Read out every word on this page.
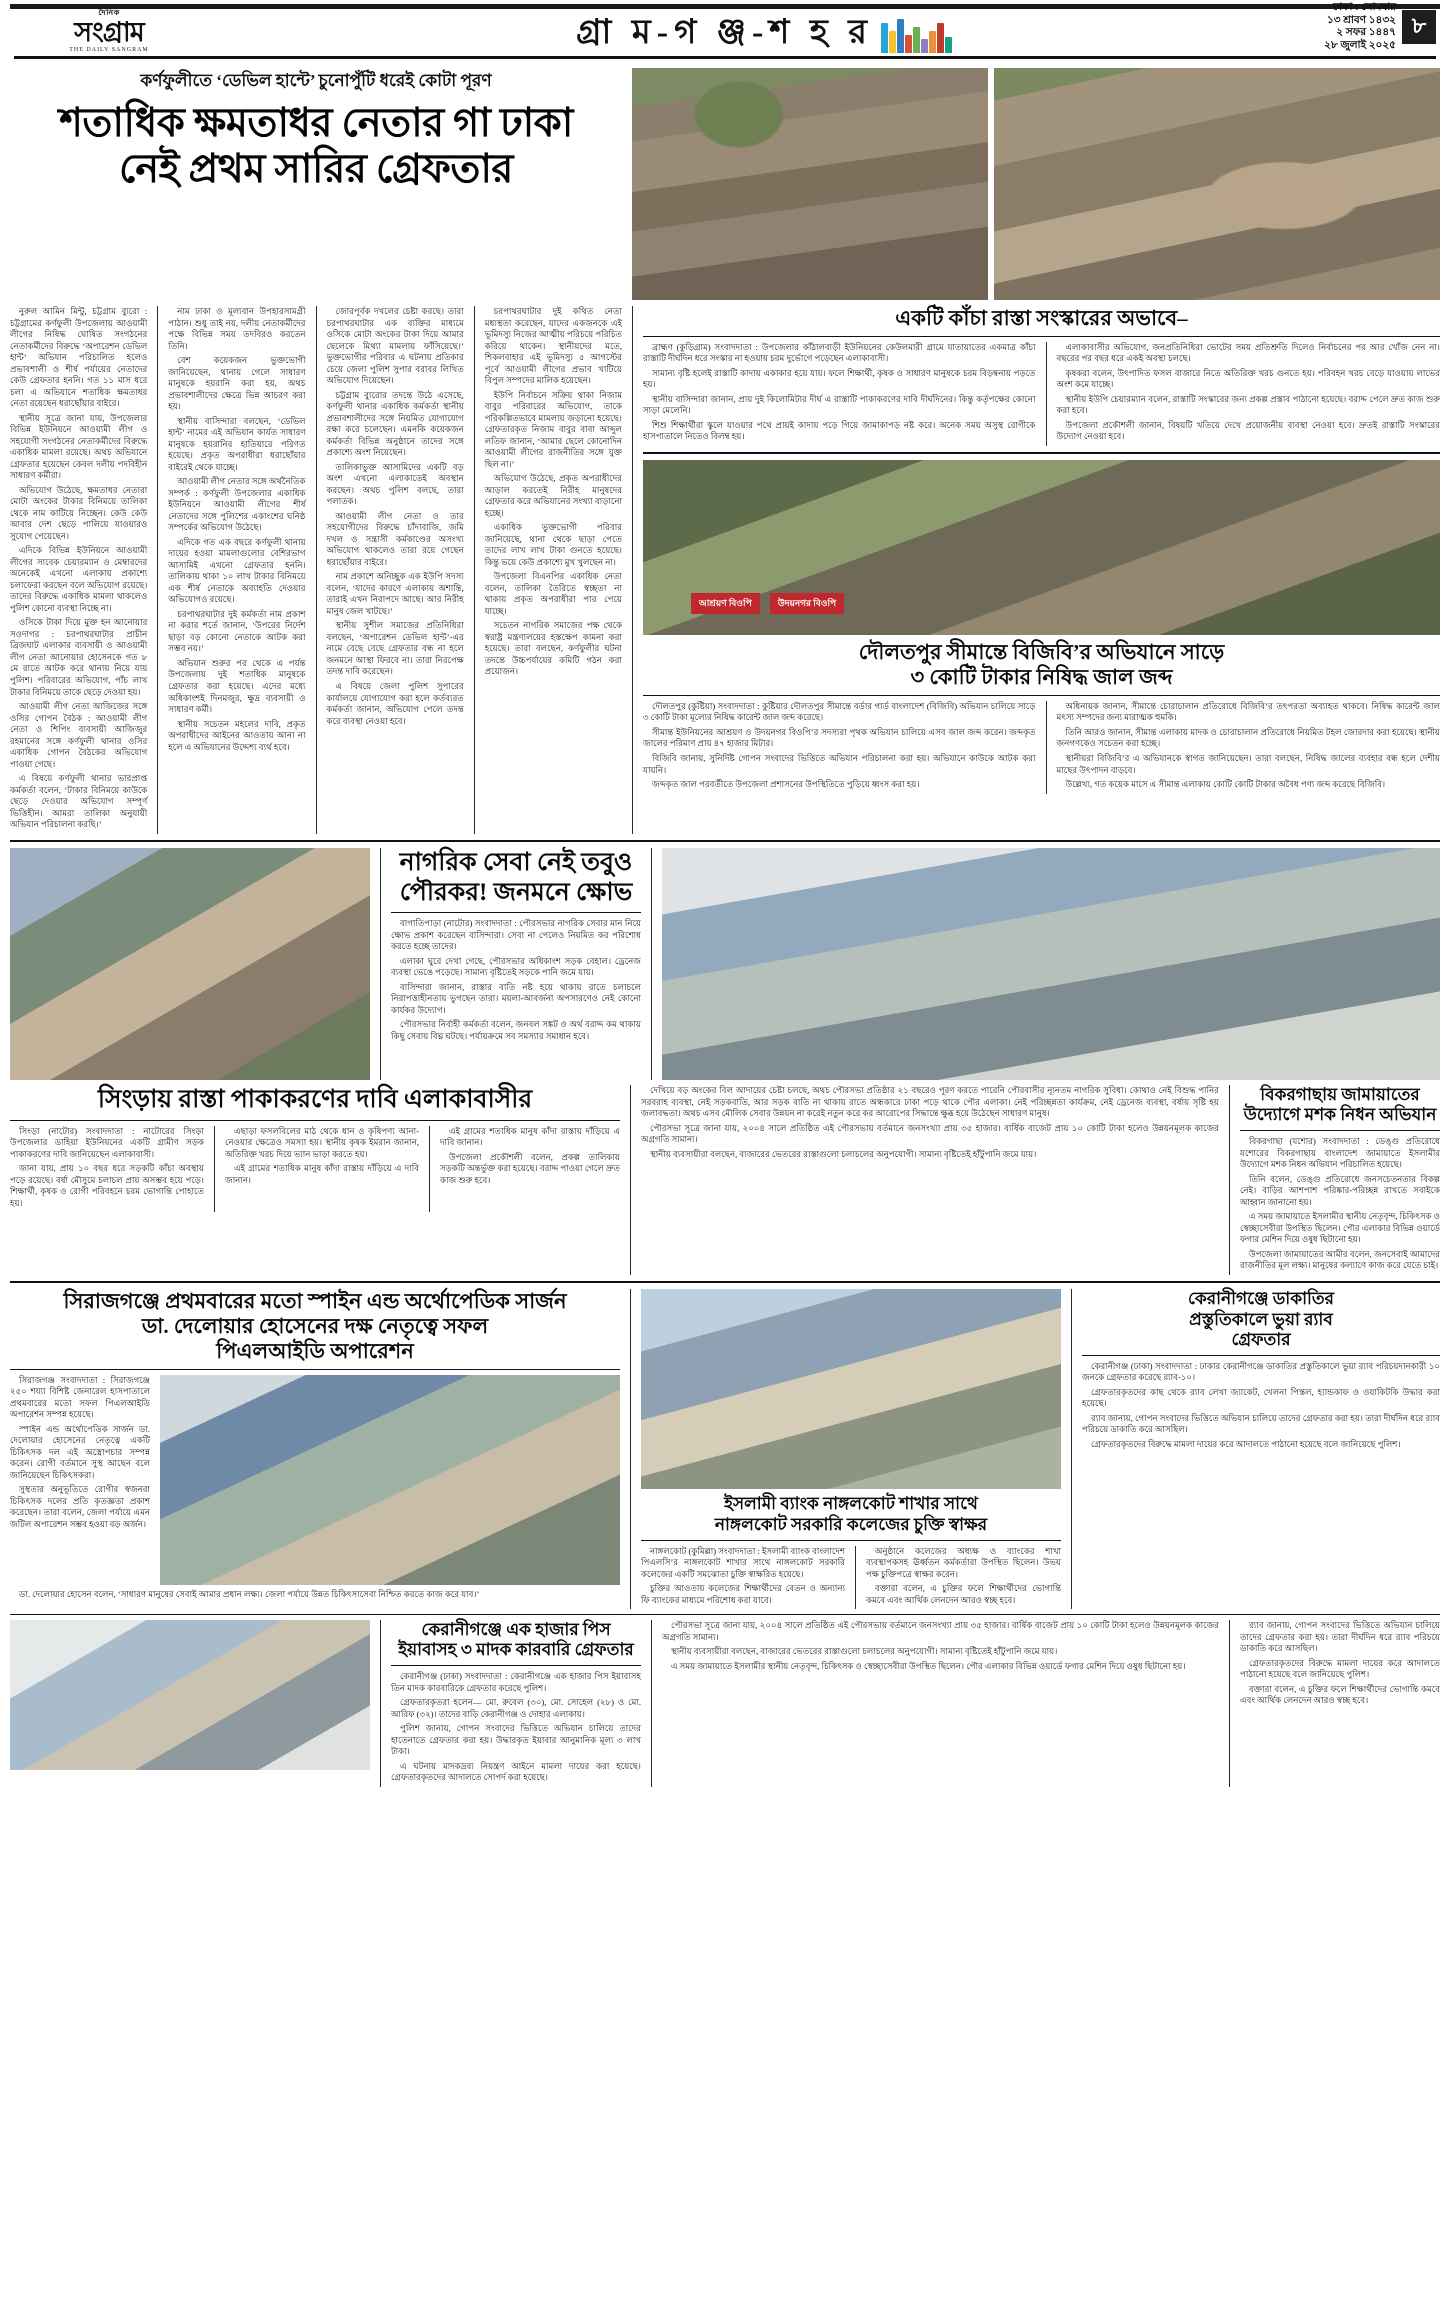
দৈনিক
সংগ্রাম
THE DAILY SANGRAM	গ্রা ম-গ ঞ্জ-শ হ র
ঢাকা : সোমবার
১৩ শ্রাবণ ১৪৩২
২ সফর ১৪৪৭
২৮ জুলাই ২০২৫
৮
কর্ণফুলীতে ‘ডেভিল হান্টে’ চুনোপুঁটি ধরেই কোটা পূরণ
শতাধিক ক্ষমতাধর নেতার গা ঢাকা
নেই প্রথম সারির গ্রেফতার

নুরুল আমিন মিন্টু, চট্টগ্রাম ব্যুরো : চট্টগ্রামের কর্ণফুলী উপজেলায় আওয়ামী লীগের নিষিদ্ধ ঘোষিত সংগঠনের নেতাকর্মীদের বিরুদ্ধে ‘অপারেশন ডেভিল হান্ট’ অভিযান পরিচালিত হলেও প্রভাবশালী ও শীর্ষ পর্যায়ের নেতাদের কেউ গ্রেফতার হননি। গত ১১ মাস ধরে চলা এ অভিযানে শতাধিক ক্ষমতাধর নেতা রয়েছেন ধরাছোঁয়ার বাইরে।

স্থানীয় সূত্রে জানা যায়, উপজেলার বিভিন্ন ইউনিয়নে আওয়ামী লীগ ও সহযোগী সংগঠনের নেতাকর্মীদের বিরুদ্ধে একাধিক মামলা রয়েছে। অথচ অভিযানে গ্রেফতার হয়েছেন কেবল দলীয় পদবিহীন সাধারণ কর্মীরা।

অভিযোগ উঠেছে, ক্ষমতাধর নেতারা মোটা অংকের টাকার বিনিময়ে তালিকা থেকে নাম কাটিয়ে নিচ্ছেন। কেউ কেউ আবার দেশ ছেড়ে পালিয়ে যাওয়ারও সুযোগ পেয়েছেন।

এদিকে বিভিন্ন ইউনিয়নে আওয়ামী লীগের সাবেক চেয়ারম্যান ও মেম্বারদের অনেকেই এখনো এলাকায় প্রকাশ্যে চলাফেরা করছেন বলে অভিযোগ রয়েছে। তাদের বিরুদ্ধে একাধিক মামলা থাকলেও পুলিশ কোনো ব্যবস্থা নিচ্ছে না।

ওসিকে টাকা দিয়ে মুক্ত হন আনোয়ার সওদাগর : চরপাথরঘাটার প্রাচীন ব্রিজঘাট এলাকার ব্যবসায়ী ও আওয়ামী লীগ নেতা আনোয়ার হোসেনকে গত ৮ মে রাতে আটক করে থানায় নিয়ে যায় পুলিশ। পরিবারের অভিযোগ, পাঁচ লাখ টাকার বিনিময়ে তাকে ছেড়ে দেওয়া হয়।

আওয়ামী লীগ নেতা আজিজের সঙ্গে ওসির গোপন বৈঠক : আওয়ামী লীগ নেতা ও শিপিং ব্যবসায়ী আজিজুর রহমানের সঙ্গে কর্ণফুলী থানার ওসির একাধিক গোপন বৈঠকের অভিযোগ পাওয়া গেছে।

এ বিষয়ে কর্ণফুলী থানার ভারপ্রাপ্ত কর্মকর্তা বলেন, ‘টাকার বিনিময়ে কাউকে ছেড়ে দেওয়ার অভিযোগ সম্পূর্ণ ভিত্তিহীন। আমরা তালিকা অনুযায়ী অভিযান পরিচালনা করছি।’

নাম ঢাকা ও মূল্যবান উপহারসামগ্রী পাঠান। শুধু তাই নয়, দলীয় নেতাকর্মীদের পক্ষে বিভিন্ন সময় তদবিরও করতেন তিনি।

বেশ কয়েকজন ভুক্তভোগী জানিয়েছেন, থানায় গেলে সাধারণ মানুষকে হয়রানি করা হয়, অথচ প্রভাবশালীদের ক্ষেত্রে ভিন্ন আচরণ করা হয়।

স্থানীয় বাসিন্দারা বলছেন, ‘ডেভিল হান্ট’ নামের এই অভিযান কার্যত সাধারণ মানুষকে হয়রানির হাতিয়ারে পরিণত হয়েছে। প্রকৃত অপরাধীরা ধরাছোঁয়ার বাইরেই থেকে যাচ্ছে।

আওয়ামী লীগ নেতার সঙ্গে অর্থনৈতিক সম্পর্ক : কর্ণফুলী উপজেলার একাধিক ইউনিয়নে আওয়ামী লীগের শীর্ষ নেতাদের সঙ্গে পুলিশের একাংশের ঘনিষ্ঠ সম্পর্কের অভিযোগ উঠেছে।

এদিকে গত এক বছরে কর্ণফুলী থানায় দায়ের হওয়া মামলাগুলোর বেশিরভাগ আসামিই এখনো গ্রেফতার হননি। তালিকায় থাকা ১০ লাখ টাকার বিনিময়ে এক শীর্ষ নেতাকে অব্যাহতি দেওয়ার অভিযোগও রয়েছে।

চরপাথরঘাটার দুই কর্মকর্তা নাম প্রকাশ না করার শর্তে জানান, ‘উপরের নির্দেশ ছাড়া বড় কোনো নেতাকে আটক করা সম্ভব নয়।’

অভিযান শুরুর পর থেকে এ পর্যন্ত উপজেলায় দুই শতাধিক মানুষকে গ্রেফতার করা হয়েছে। এদের মধ্যে অধিকাংশই দিনমজুর, ক্ষুদ্র ব্যবসায়ী ও সাধারণ কর্মী।

স্থানীয় সচেতন মহলের দাবি, প্রকৃত অপরাধীদের আইনের আওতায় আনা না হলে এ অভিযানের উদ্দেশ্য ব্যর্থ হবে।

জোরপূর্বক দখলের চেষ্টা করছে। তারা চরপাথরঘাটার এক ব্যক্তির মাধ্যমে ওসিকে মোটা অংকের টাকা দিয়ে আমার ছেলেকে মিথ্যা মামলায় ফাঁসিয়েছে।’ ভুক্তভোগীর পরিবার এ ঘটনায় প্রতিকার চেয়ে জেলা পুলিশ সুপার বরাবর লিখিত অভিযোগ দিয়েছেন।

চট্টগ্রাম ব্যুরোর তদন্তে উঠে এসেছে, কর্ণফুলী থানার একাধিক কর্মকর্তা স্থানীয় প্রভাবশালীদের সঙ্গে নিয়মিত যোগাযোগ রক্ষা করে চলেছেন। এমনকি কয়েকজন কর্মকর্তা বিভিন্ন অনুষ্ঠানে তাদের সঙ্গে প্রকাশ্যে অংশ নিয়েছেন।

তালিকাভুক্ত আসামিদের একটি বড় অংশ এখনো এলাকাতেই অবস্থান করছেন। অথচ পুলিশ বলছে, তারা পলাতক।

আওয়ামী লীগ নেতা ও তার সহযোগীদের বিরুদ্ধে চাঁদাবাজি, জমি দখল ও সন্ত্রাসী কর্মকাণ্ডের অসংখ্য অভিযোগ থাকলেও তারা রয়ে গেছেন ধরাছোঁয়ার বাইরে।

নাম প্রকাশে অনিচ্ছুক এক ইউপি সদস্য বলেন, ‘যাদের কারণে এলাকায় অশান্তি, তারাই এখন নিরাপদে আছে। আর নিরীহ মানুষ জেল খাটছে।’

স্থানীয় সুশীল সমাজের প্রতিনিধিরা বলছেন, ‘অপারেশন ডেভিল হান্ট’-এর নামে বেছে বেছে গ্রেফতার বন্ধ না হলে জনমনে আস্থা ফিরবে না। তারা নিরপেক্ষ তদন্ত দাবি করেছেন।

এ বিষয়ে জেলা পুলিশ সুপারের কার্যালয়ে যোগাযোগ করা হলে কর্তব্যরত কর্মকর্তা জানান, অভিযোগ পেলে তদন্ত করে ব্যবস্থা নেওয়া হবে।

চরপাথরঘাটার দুই কথিত নেতা মধ্যস্থতা করেছেন, যাদের একজনকে এই ভূমিদস্যু নিজের আত্মীয় পরিচয়ে পরিচিত করিয়ে থাকেন। স্থানীয়দের মতে, শিকলবাহার এই ভূমিদস্যু ৫ আগস্টের পূর্বে আওয়ামী লীগের প্রভাব খাটিয়ে বিপুল সম্পদের মালিক হয়েছেন।

ইউপি নির্বাচনে সক্রিয় থাকা নিজাম বাবুর পরিবারের অভিযোগ, তাকে পরিকল্পিতভাবে মামলায় জড়ানো হয়েছে। গ্রেফতারকৃত নিজাম বাবুর বাবা আব্দুল লতিফ জানান, ‘আমার ছেলে কোনোদিন আওয়ামী লীগের রাজনীতির সঙ্গে যুক্ত ছিল না।’

অভিযোগ উঠেছে, প্রকৃত অপরাধীদের আড়াল করতেই নিরীহ মানুষদের গ্রেফতার করে অভিযানের সংখ্যা বাড়ানো হচ্ছে।

একাধিক ভুক্তভোগী পরিবার জানিয়েছে, থানা থেকে ছাড়া পেতে তাদের লাখ লাখ টাকা গুনতে হয়েছে। কিন্তু ভয়ে কেউ প্রকাশ্যে মুখ খুলছেন না।

উপজেলা বিএনপির একাধিক নেতা বলেন, তালিকা তৈরিতে স্বচ্ছতা না থাকায় প্রকৃত অপরাধীরা পার পেয়ে যাচ্ছে।

সচেতন নাগরিক সমাজের পক্ষ থেকে স্বরাষ্ট্র মন্ত্রণালয়ের হস্তক্ষেপ কামনা করা হয়েছে। তারা বলছেন, কর্ণফুলীর ঘটনা তদন্তে উচ্চপর্যায়ের কমিটি গঠন করা প্রয়োজন।

একটি কাঁচা রাস্তা সংস্কারের অভাবে–

ব্রাহ্মণ (কুড়িগ্রাম) সংবাদদাতা : উপজেলার কাঁঠালবাড়ী ইউনিয়নের কেউলমারী গ্রামে যাতায়াতের একমাত্র কাঁচা রাস্তাটি দীর্ঘদিন ধরে সংস্কার না হওয়ায় চরম দুর্ভোগে পড়েছেন এলাকাবাসী।

সামান্য বৃষ্টি হলেই রাস্তাটি কাদায় একাকার হয়ে যায়। ফলে শিক্ষার্থী, কৃষক ও সাধারণ মানুষকে চরম বিড়ম্বনায় পড়তে হয়।

স্থানীয় বাসিন্দারা জানান, প্রায় দুই কিলোমিটার দীর্ঘ এ রাস্তাটি পাকাকরণের দাবি দীর্ঘদিনের। কিন্তু কর্তৃপক্ষের কোনো সাড়া মেলেনি।

শিশু শিক্ষার্থীরা স্কুলে যাওয়ার পথে প্রায়ই কাদায় পড়ে গিয়ে জামাকাপড় নষ্ট করে। অনেক সময় অসুস্থ রোগীকে হাসপাতালে নিতেও বিলম্ব হয়।

এলাকাবাসীর অভিযোগ, জনপ্রতিনিধিরা ভোটের সময় প্রতিশ্রুতি দিলেও নির্বাচনের পর আর খোঁজ নেন না। বছরের পর বছর ধরে একই অবস্থা চলছে।

কৃষকরা বলেন, উৎপাদিত ফসল বাজারে নিতে অতিরিক্ত খরচ গুনতে হয়। পরিবহন খরচ বেড়ে যাওয়ায় লাভের অংশ কমে যাচ্ছে।

স্থানীয় ইউপি চেয়ারম্যান বলেন, রাস্তাটি সংস্কারের জন্য প্রকল্প প্রস্তাব পাঠানো হয়েছে। বরাদ্দ পেলে দ্রুত কাজ শুরু করা হবে।

উপজেলা প্রকৌশলী জানান, বিষয়টি খতিয়ে দেখে প্রয়োজনীয় ব্যবস্থা নেওয়া হবে। দ্রুতই রাস্তাটি সংস্কারের উদ্যোগ নেওয়া হবে।

আশ্রয়ণ বিওপি	উদয়নগর বিওপি
দৌলতপুর সীমান্তে বিজিবি’র অভিযানে সাড়ে
৩ কোটি টাকার নিষিদ্ধ জাল জব্দ

দৌলতপুর (কুষ্টিয়া) সংবাদদাতা : কুষ্টিয়ার দৌলতপুর সীমান্তে বর্ডার গার্ড বাংলাদেশ (বিজিবি) অভিযান চালিয়ে সাড়ে ৩ কোটি টাকা মূল্যের নিষিদ্ধ কারেন্ট জাল জব্দ করেছে।

সীমান্ত ইউনিয়নের আশ্রয়ণ ও উদয়নগর বিওপি’র সদস্যরা পৃথক অভিযান চালিয়ে এসব জাল জব্দ করেন। জব্দকৃত জালের পরিমাণ প্রায় ৪৭ হাজার মিটার।

বিজিবি জানায়, সুনির্দিষ্ট গোপন সংবাদের ভিত্তিতে অভিযান পরিচালনা করা হয়। অভিযানে কাউকে আটক করা যায়নি।

জব্দকৃত জাল পরবর্তীতে উপজেলা প্রশাসনের উপস্থিতিতে পুড়িয়ে ধ্বংস করা হয়।

অধিনায়ক জানান, সীমান্তে চোরাচালান প্রতিরোধে বিজিবি’র তৎপরতা অব্যাহত থাকবে। নিষিদ্ধ কারেন্ট জাল মৎস্য সম্পদের জন্য মারাত্মক হুমকি।

তিনি আরও জানান, সীমান্ত এলাকায় মাদক ও চোরাচালান প্রতিরোধে নিয়মিত টহল জোরদার করা হয়েছে। স্থানীয় জনগণকেও সচেতন করা হচ্ছে।

স্থানীয়রা বিজিবি’র এ অভিযানকে স্বাগত জানিয়েছেন। তারা বলছেন, নিষিদ্ধ জালের ব্যবহার বন্ধ হলে দেশীয় মাছের উৎপাদন বাড়বে।

উল্লেখ্য, গত কয়েক মাসে এ সীমান্ত এলাকায় কোটি কোটি টাকার অবৈধ পণ্য জব্দ করেছে বিজিবি।

নাগরিক সেবা নেই তবুও
পৌরকর! জনমনে ক্ষোভ

বাগাতিপাড়া (নাটোর) সংবাদদাতা : পৌরসভার নাগরিক সেবার মান নিয়ে ক্ষোভ প্রকাশ করেছেন বাসিন্দারা। সেবা না পেলেও নিয়মিত কর পরিশোধ করতে হচ্ছে তাদের।

এলাকা ঘুরে দেখা গেছে, পৌরসভার অধিকাংশ সড়ক বেহাল। ড্রেনেজ ব্যবস্থা ভেঙে পড়েছে। সামান্য বৃষ্টিতেই সড়কে পানি জমে যায়।

বাসিন্দারা জানান, রাস্তার বাতি নষ্ট হয়ে থাকায় রাতে চলাচলে নিরাপত্তাহীনতায় ভুগছেন তারা। ময়লা-আবর্জনা অপসারণেও নেই কোনো কার্যকর উদ্যোগ।

পৌরসভার নির্বাহী কর্মকর্তা বলেন, জনবল সঙ্কট ও অর্থ বরাদ্দ কম থাকায় কিছু সেবায় বিঘ্ন ঘটছে। পর্যায়ক্রমে সব সমস্যার সমাধান হবে।

সিংড়ায় রাস্তা পাকাকরণের দাবি এলাকাবাসীর

সিংড়া (নাটোর) সংবাদদাতা : নাটোরের সিংড়া উপজেলার ডাহিয়া ইউনিয়নের একটি গ্রামীণ সড়ক পাকাকরণের দাবি জানিয়েছেন এলাকাবাসী।

জানা যায়, প্রায় ১০ বছর ধরে সড়কটি কাঁচা অবস্থায় পড়ে রয়েছে। বর্ষা মৌসুমে চলাচল প্রায় অসম্ভব হয়ে পড়ে। শিক্ষার্থী, কৃষক ও রোগী পরিবহনে চরম ভোগান্তি পোহাতে হয়।

এছাড়া ফসলবিলের মাঠ থেকে ধান ও কৃষিপণ্য আনা-নেওয়ার ক্ষেত্রেও সমস্যা হয়। স্থানীয় কৃষক ইমরান জানান, অতিরিক্ত খরচ দিয়ে ভ্যান ভাড়া করতে হয়।

এই গ্রামের শতাধিক মানুষ কাঁদা রাস্তায় দাঁড়িয়ে এ দাবি জানান।

এই গ্রামের শতাধিক মানুষ কাঁদা রাস্তায় দাঁড়িয়ে এ দাবি জানান।

উপজেলা প্রকৌশলী বলেন, প্রকল্প তালিকায় সড়কটি অন্তর্ভুক্ত করা হয়েছে। বরাদ্দ পাওয়া গেলে দ্রুত কাজ শুরু হবে।

দেখিয়ে বড় অংকের বিল আদায়ের চেষ্টা চলছে, অথচ পৌরসভা প্রতিষ্ঠার ২১ বছরেও পূরণ করতে পারেনি পৌরবাসীর ন্যূনতম নাগরিক সুবিধা। কোথাও নেই বিশুদ্ধ পানির সরবরাহ ব্যবস্থা, নেই সড়কবাতি, আর সড়ক বাতি না থাকায় রাতে অন্ধকারে ঢাকা পড়ে থাকে পৌর এলাকা। নেই পরিচ্ছন্নতা কার্যক্রম, নেই ড্রেনেজ ব্যবস্থা, বর্ষায় সৃষ্টি হয় জলাবদ্ধতা। অথচ এসব মৌলিক সেবার উন্নয়ন না করেই নতুন করে কর আরোপের সিদ্ধান্তে ক্ষুব্ধ হয়ে উঠেছেন সাধারণ মানুষ।

পৌরসভা সূত্রে জানা যায়, ২০০৪ সালে প্রতিষ্ঠিত এই পৌরসভায় বর্তমানে জনসংখ্যা প্রায় ৩৫ হাজার। বার্ষিক বাজেট প্রায় ১০ কোটি টাকা হলেও উন্নয়নমূলক কাজের অগ্রগতি সামান্য।

স্থানীয় ব্যবসায়ীরা বলছেন, বাজারের ভেতরের রাস্তাগুলো চলাচলের অনুপযোগী। সামান্য বৃষ্টিতেই হাঁটুপানি জমে যায়।

বিকরগাছায় জামায়াতের উদ্যোগে মশক নিধন অভিযান

বিকরগাছা (যশোর) সংবাদদাতা : ডেঙ্গু প্রতিরোধে যশোরের বিকরগাছায় বাংলাদেশ জামায়াতে ইসলামীর উদ্যোগে মশক নিধন অভিযান পরিচালিত হয়েছে।

তিনি বলেন, ডেঙ্গু প্রতিরোধে জনসচেতনতার বিকল্প নেই। বাড়ির আশপাশ পরিষ্কার-পরিচ্ছন্ন রাখতে সবাইকে আহ্বান জানানো হয়।

এ সময় জামায়াতে ইসলামীর স্থানীয় নেতৃবৃন্দ, চিকিৎসক ও স্বেচ্ছাসেবীরা উপস্থিত ছিলেন। পৌর এলাকার বিভিন্ন ওয়ার্ডে ফগার মেশিন দিয়ে ওষুধ ছিটানো হয়।

উপজেলা জামায়াতের আমীর বলেন, জনসেবাই আমাদের রাজনীতির মূল লক্ষ্য। মানুষের কল্যাণে কাজ করে যেতে চাই।

সিরাজগঞ্জে প্রথমবারের মতো স্পাইন এন্ড অর্থোপেডিক সার্জন
ডা. দেলোয়ার হোসেনের দক্ষ নেতৃত্বে সফল
পিএলআইডি অপারেশন

সিরাজগঞ্জ সংবাদদাতা : সিরাজগঞ্জে ২৫০ শয্যা বিশিষ্ট জেনারেল হাসপাতালে প্রথমবারের মতো সফল পিএলআইডি অপারেশন সম্পন্ন হয়েছে।

স্পাইন এন্ড অর্থোপেডিক সার্জন ডা. দেলোয়ার হোসেনের নেতৃত্বে একটি চিকিৎসক দল এই অস্ত্রোপচার সম্পন্ন করেন। রোগী বর্তমানে সুস্থ আছেন বলে জানিয়েছেন চিকিৎসকরা।

সুস্থতার অনুভূতিতে রোগীর স্বজনরা চিকিৎসক দলের প্রতি কৃতজ্ঞতা প্রকাশ করেছেন। তারা বলেন, জেলা পর্যায়ে এমন জটিল অপারেশন সম্ভব হওয়া বড় অর্জন।

ডা. দেলোয়ার হোসেন বলেন, ‘সাধারণ মানুষের সেবাই আমার প্রধান লক্ষ্য। জেলা পর্যায়ে উন্নত চিকিৎসাসেবা নিশ্চিত করতে কাজ করে যাব।’

ইসলামী ব্যাংক নাঙ্গলকোট শাখার সাথে
নাঙ্গলকোট সরকারি কলেজের চুক্তি স্বাক্ষর

নাঙ্গলকোট (কুমিল্লা) সংবাদদাতা : ইসলামী ব্যাংক বাংলাদেশ পিএলসি’র নাঙ্গলকোট শাখার সাথে নাঙ্গলকোট সরকারি কলেজের একটি সমঝোতা চুক্তি স্বাক্ষরিত হয়েছে।

চুক্তির আওতায় কলেজের শিক্ষার্থীদের বেতন ও অন্যান্য ফি ব্যাংকের মাধ্যমে পরিশোধ করা যাবে।

অনুষ্ঠানে কলেজের অধ্যক্ষ ও ব্যাংকের শাখা ব্যবস্থাপকসহ ঊর্ধ্বতন কর্মকর্তারা উপস্থিত ছিলেন। উভয় পক্ষ চুক্তিপত্রে স্বাক্ষর করেন।

বক্তারা বলেন, এ চুক্তির ফলে শিক্ষার্থীদের ভোগান্তি কমবে এবং আর্থিক লেনদেন আরও স্বচ্ছ হবে।

কেরানীগঞ্জে ডাকাতির
প্রস্তুতিকালে ভুয়া র‌্যাব
গ্রেফতার

কেরানীগঞ্জ (ঢাকা) সংবাদদাতা : ঢাকার কেরানীগঞ্জে ডাকাতির প্রস্তুতিকালে ভুয়া র‌্যাব পরিচয়দানকারী ১০ জনকে গ্রেফতার করেছে র‌্যাব-১০।

গ্রেফতারকৃতদের কাছ থেকে র‌্যাব লেখা জ্যাকেট, খেলনা পিস্তল, হ্যান্ডকাফ ও ওয়াকিটকি উদ্ধার করা হয়েছে।

র‌্যাব জানায়, গোপন সংবাদের ভিত্তিতে অভিযান চালিয়ে তাদের গ্রেফতার করা হয়। তারা দীর্ঘদিন ধরে র‌্যাব পরিচয়ে ডাকাতি করে আসছিল।

গ্রেফতারকৃতদের বিরুদ্ধে মামলা দায়ের করে আদালতে পাঠানো হয়েছে বলে জানিয়েছে পুলিশ।

কেরানীগঞ্জে এক হাজার পিস ইয়াবাসহ ৩ মাদক কারবারি গ্রেফতার

কেরানীগঞ্জ (ঢাকা) সংবাদদাতা : কেরানীগঞ্জে এক হাজার পিস ইয়াবাসহ তিন মাদক কারবারিকে গ্রেফতার করেছে পুলিশ।

গ্রেফতারকৃতরা হলেন— মো. রুবেল (৩০), মো. সোহেল (২৮) ও মো. আরিফ (৩২)। তাদের বাড়ি কেরানীগঞ্জ ও দোহার এলাকায়।

পুলিশ জানায়, গোপন সংবাদের ভিত্তিতে অভিযান চালিয়ে তাদের হাতেনাতে গ্রেফতার করা হয়। উদ্ধারকৃত ইয়াবার আনুমানিক মূল্য ৩ লাখ টাকা।

এ ঘটনায় মাদকদ্রব্য নিয়ন্ত্রণ আইনে মামলা দায়ের করা হয়েছে। গ্রেফতারকৃতদের আদালতে সোপর্দ করা হয়েছে।

পৌরসভা সূত্রে জানা যায়, ২০০৪ সালে প্রতিষ্ঠিত এই পৌরসভায় বর্তমানে জনসংখ্যা প্রায় ৩৫ হাজার। বার্ষিক বাজেট প্রায় ১০ কোটি টাকা হলেও উন্নয়নমূলক কাজের অগ্রগতি সামান্য।

স্থানীয় ব্যবসায়ীরা বলছেন, বাজারের ভেতরের রাস্তাগুলো চলাচলের অনুপযোগী। সামান্য বৃষ্টিতেই হাঁটুপানি জমে যায়।

এ সময় জামায়াতে ইসলামীর স্থানীয় নেতৃবৃন্দ, চিকিৎসক ও স্বেচ্ছাসেবীরা উপস্থিত ছিলেন। পৌর এলাকার বিভিন্ন ওয়ার্ডে ফগার মেশিন দিয়ে ওষুধ ছিটানো হয়।

র‌্যাব জানায়, গোপন সংবাদের ভিত্তিতে অভিযান চালিয়ে তাদের গ্রেফতার করা হয়। তারা দীর্ঘদিন ধরে র‌্যাব পরিচয়ে ডাকাতি করে আসছিল।

গ্রেফতারকৃতদের বিরুদ্ধে মামলা দায়ের করে আদালতে পাঠানো হয়েছে বলে জানিয়েছে পুলিশ।

বক্তারা বলেন, এ চুক্তির ফলে শিক্ষার্থীদের ভোগান্তি কমবে এবং আর্থিক লেনদেন আরও স্বচ্ছ হবে।
